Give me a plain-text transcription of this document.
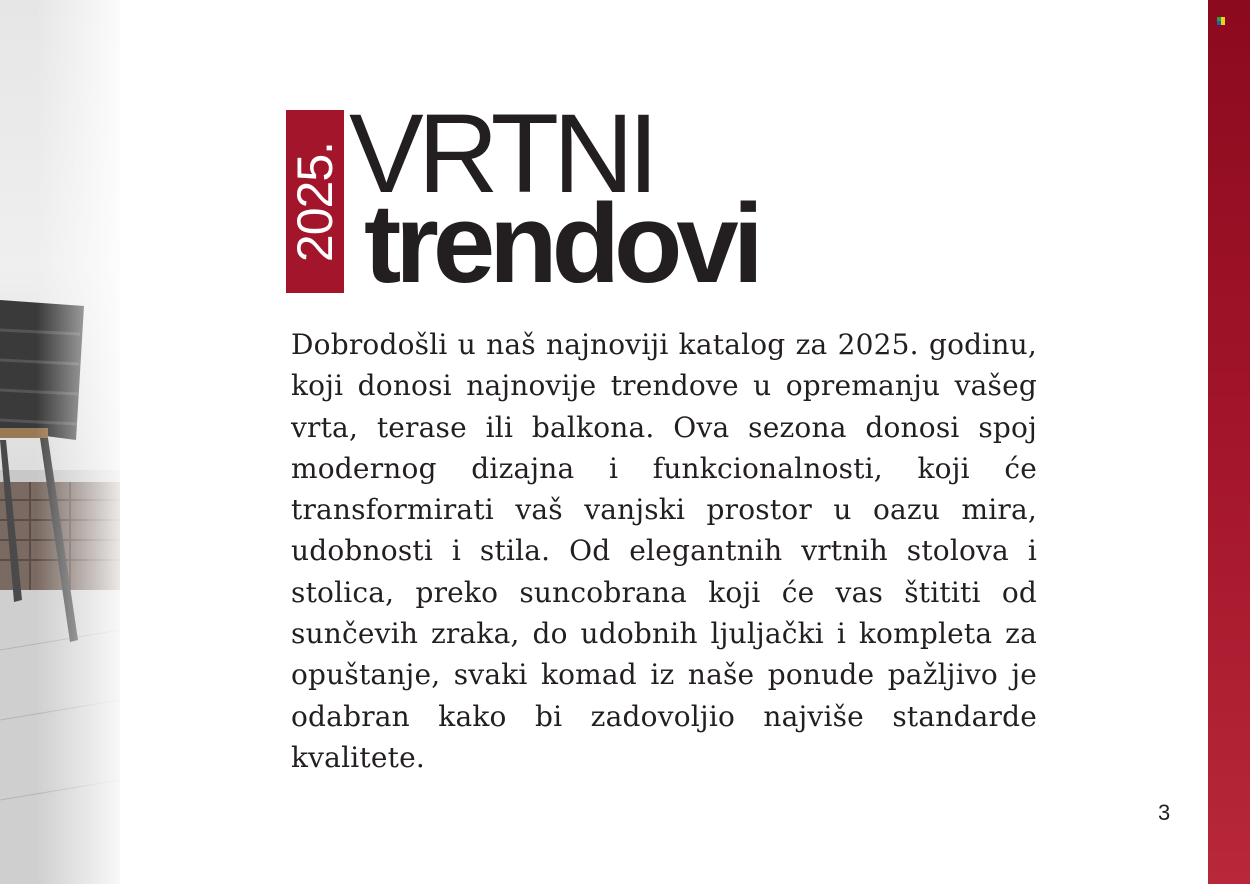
2025. VRTNI
trendovi

Dobrodošli u naš najnoviji katalog za 2025. godinu, koji donosi najnovije trendove u opremanju vašeg vrta, terase ili balkona. Ova sezona donosi spoj modernog dizajna i funkcionalnosti, koji će transformirati vaš vanjski prostor u oazu mira, udobnosti i stila. Od elegantnih vrtnih stolova i stolica, preko suncobrana koji će vas štititi od sunčevih zraka, do udobnih ljuljački i kompleta za opuštanje, svaki komad iz naše ponude pažljivo je odabran kako bi zadovoljio najviše standarde kvalitete.

3
